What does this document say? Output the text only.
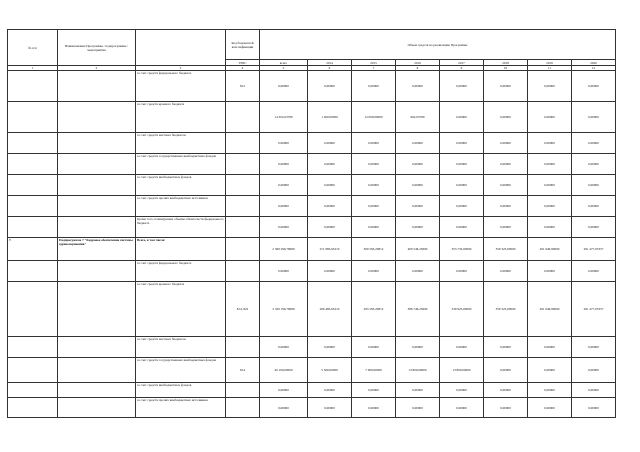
№ п/п	Наименование Программы / подпрограммы / мероприятия		Код бюджетной классификации	Объем средств на реализацию Программы							
			ГРБС	всего	2014	2015	2016	2017	2018	2019	2020
1	2	3	4	5	6	7	8	9	10	11	12
		за счет средств федерального бюджета	812	0,00000	0,00000	0,00000	0,00000	0,00000	0,00000	0,00000	0,00000
		за счет средств краевого бюджета		14 302,63780	1 400,00000	12 000,00000	902,63780	0,00000	0,00000	0,00000	0,00000
		за счет средств местных бюджетов		0,00000	0,00000	0,00000	0,00000	0,00000	0,00000	0,00000	0,00000
		за счет средств государственных внебюджетных фондов		0,00000	0,00000	0,00000	0,00000	0,00000	0,00000	0,00000	0,00000
		за счет средств внебюджетных фондов		0,00000	0,00000	0,00000	0,00000	0,00000	0,00000	0,00000	0,00000
		за счет средств прочих внебюджетных источников		0,00000	0,00000	0,00000	0,00000	0,00000	0,00000	0,00000	0,00000
		Кроме того, планируемые объемы обязательств федерального бюджета		0,00000	0,00000	0,00000	0,00000	0,00000	0,00000	0,00000	0,00000
7.	Подпрограмма 7 "Кадровое обеспечение системы здравоохранения"	Всего, в том числе:		2 369 296,78069	271 983,63210	300 593,20812	400 546,23690	353 733,00000	359 323,00000	291 649,90000	291 477,03357
		за счет средств федерального бюджета		0,00000	0,00000	0,00000	0,00000	0,00000	0,00000	0,00000	0,00000
		за счет средств краевого бюджета	814, 822	2 329 196,78069	266 483,63210	293 593,20812	386 746,23690	339 923,00000	359 323,00000	291 649,90000	291 477,03357
		за счет средств местных бюджетов		0,00000	0,00000	0,00000	0,00000	0,00000	0,00000	0,00000	0,00000
		за счет средств государственных внебюджетных фондов	814	40 100,00000	5 500,00000	7 000,00000	13 800,00000	13 800,00000	0,00000	0,00000	0,00000
		за счет средств внебюджетных фондов		0,00000	0,00000	0,00000	0,00000	0,00000	0,00000	0,00000	0,00000
		за счет средств прочих внебюджетных источников		0,00000	0,00000	0,00000	0,00000	0,00000	0,00000	0,00000	0,00000
